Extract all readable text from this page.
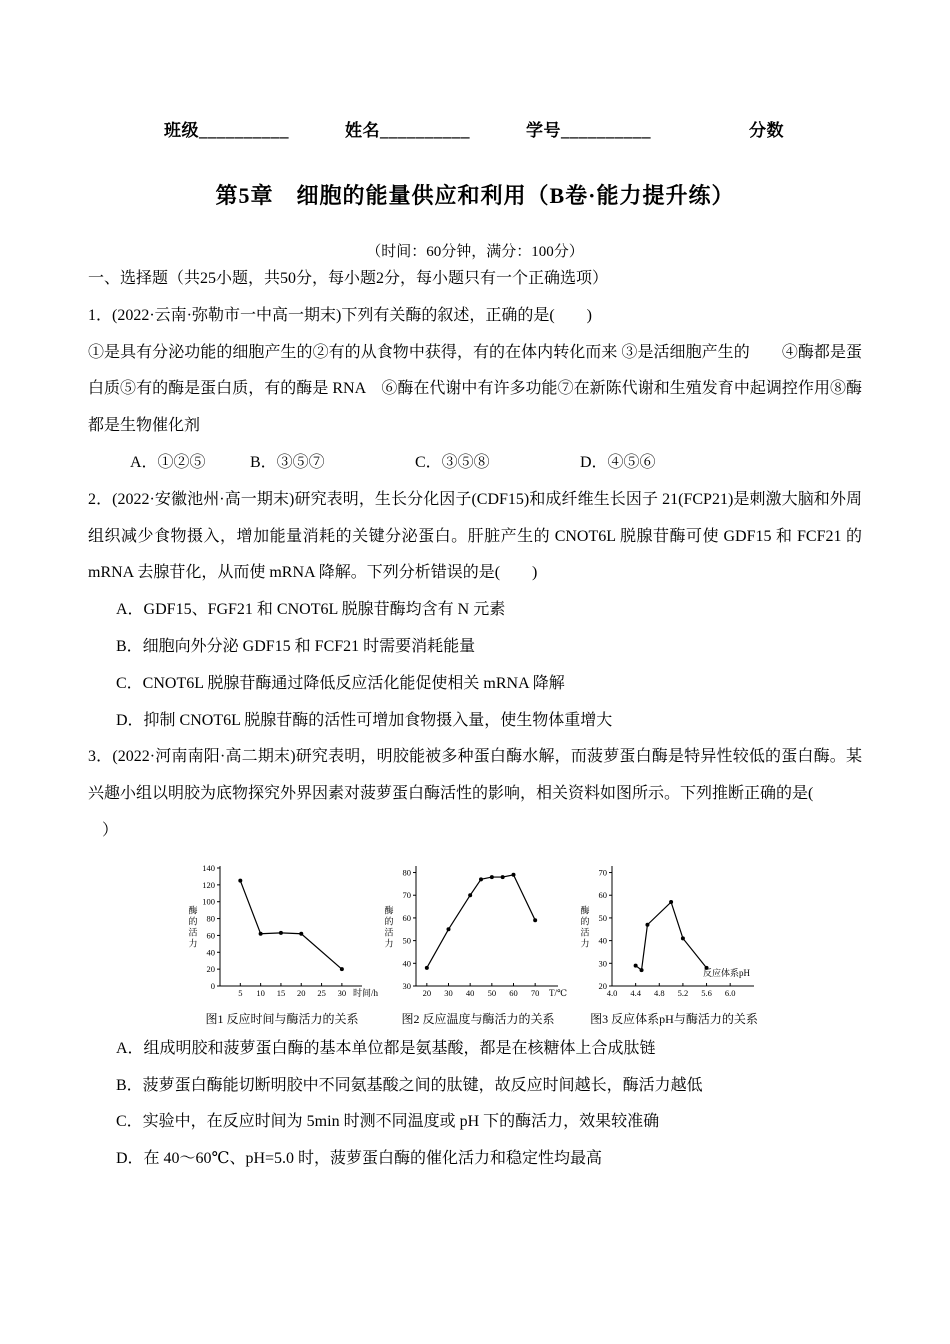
班级__________	姓名__________	学号__________	分数
第5章　细胞的能量供应和利用（B卷·能力提升练）
（时间：60分钟，满分：100分）

一、选择题（共25小题，共50分，每小题2分，每小题只有一个正确选项）

1．(2022·云南·弥勒市一中高一期末)下列有关酶的叙述，正确的是(　　)

①是具有分泌功能的细胞产生的②有的从食物中获得，有的在体内转化而来 ③是活细胞产生的　　④酶都是蛋白质⑤有的酶是蛋白质，有的酶是 RNA　⑥酶在代谢中有许多功能⑦在新陈代谢和生殖发育中起调控作用⑧酶都是生物催化剂

A．①②⑤	B．③⑤⑦	C．③⑤⑧	D．④⑤⑥

2．(2022·安徽池州·高一期末)研究表明，生长分化因子(CDF15)和成纤维生长因子 21(FCP21)是刺激大脑和外周组织减少食物摄入，增加能量消耗的关键分泌蛋白。肝脏产生的 CNOT6L 脱腺苷酶可使 GDF15 和 FCF21 的 mRNA 去腺苷化，从而使 mRNA 降解。下列分析错误的是(　　)

A．GDF15、FGF21 和 CNOT6L 脱腺苷酶均含有 N 元素

B．细胞向外分泌 GDF15 和 FCF21 时需要消耗能量

C．CNOT6L 脱腺苷酶通过降低反应活化能促使相关 mRNA 降解

D．抑制 CNOT6L 脱腺苷酶的活性可增加食物摄入量，使生物体重增大

3．(2022·河南南阳·高二期末)研究表明，明胶能被多种蛋白酶水解，而菠萝蛋白酶是特异性较低的蛋白酶。某兴趣小组以明胶为底物探究外界因素对菠萝蛋白酶活性的影响，相关资料如图所示。下列推断正确的是(

）

0
20
40
60
80
100
120
140
5 10 15 20 25 30
酶
的
活
力
时间/h
图1 反应时间与酶活力的关系
30
40
50
60
70
80
20 30 40 50 60 70
酶
的
活
力
T/℃
图2 反应温度与酶活力的关系
20
30
40
50
60
70
4.0 4.4 4.8 5.2 5.6 6.0
酶
的
活
力
反应体系pH
图3 反应体系pH与酶活力的关系

A．组成明胶和菠萝蛋白酶的基本单位都是氨基酸，都是在核糖体上合成肽链

B．菠萝蛋白酶能切断明胶中不同氨基酸之间的肽键，故反应时间越长，酶活力越低

C．实验中，在反应时间为 5min 时测不同温度或 pH 下的酶活力，效果较准确

D．在 40～60℃、pH=5.0 时，菠萝蛋白酶的催化活力和稳定性均最高
